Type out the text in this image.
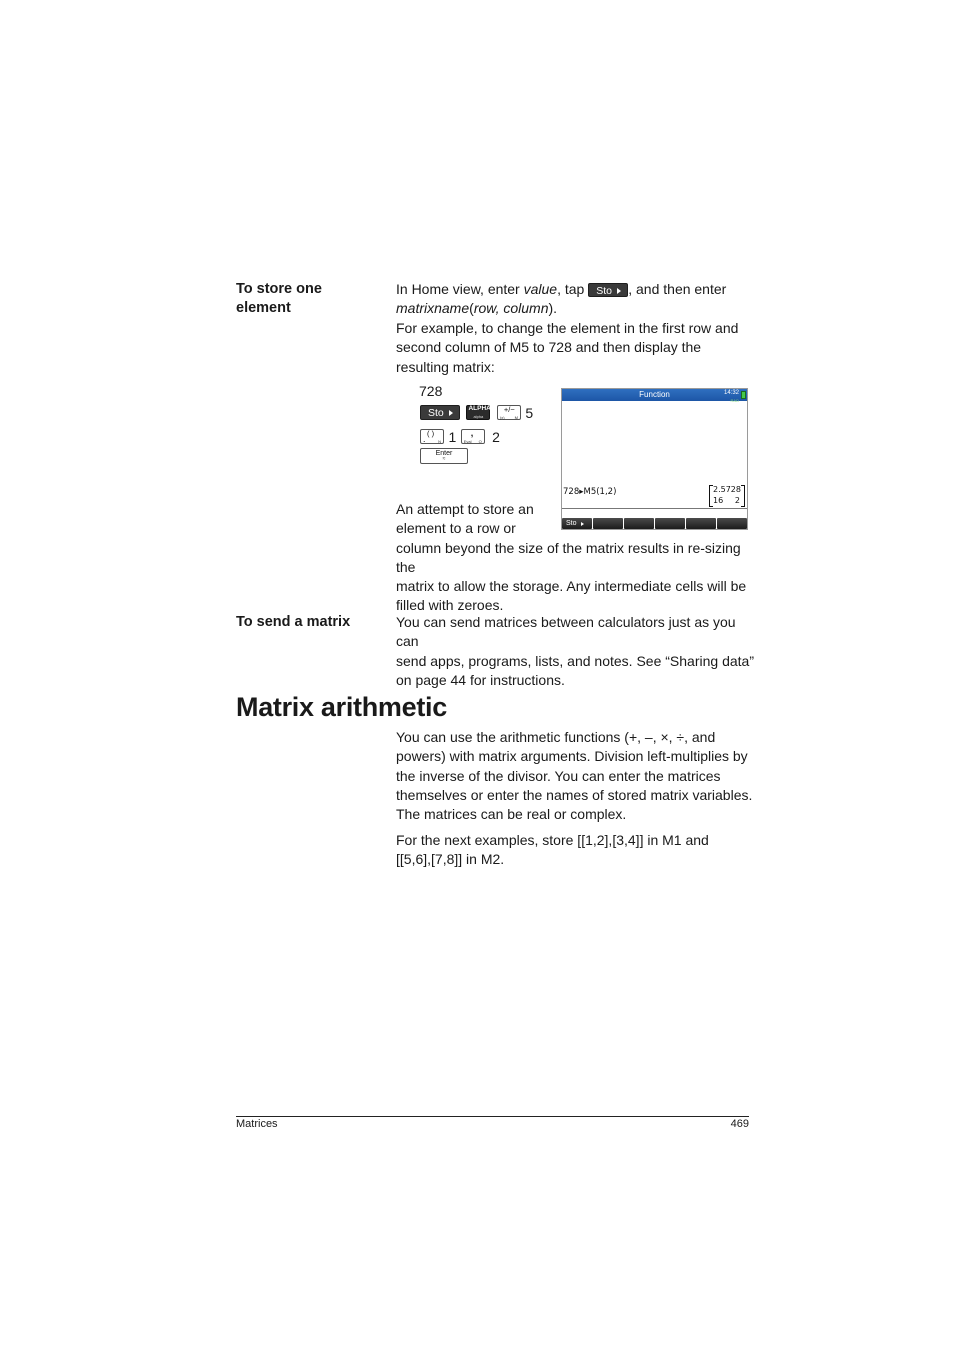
To store one
element
In Home view, enter value, tap Sto , and then enter
matrixname(row, column).
For example, to change the element in the first row and
second column of M5 to 728 and then display the
resulting matrix:
728
Sto
	ALPHA
alpha

+/−
(x) M 5
( )
∘	N 1 ,
Eval O 2
Enter
≈
Function	14:32
RAD
728▸M5(1,2)	2.5 728
16 2
Sto
An attempt to store an
element to a row or
column beyond the size of the matrix results in re-sizing the
matrix to allow the storage. Any intermediate cells will be
filled with zeroes.
To send a matrix	You can send matrices between calculators just as you can
send apps, programs, lists, and notes. See “Sharing data”
on page 44 for instructions.
Matrix arithmetic
You can use the arithmetic functions (+, –, ×, ÷, and
powers) with matrix arguments. Division left-multiplies by
the inverse of the divisor. You can enter the matrices
themselves or enter the names of stored matrix variables.
The matrices can be real or complex.
For the next examples, store [[1,2],[3,4]] in M1 and
[[5,6],[7,8]] in M2.
Matrices	469
